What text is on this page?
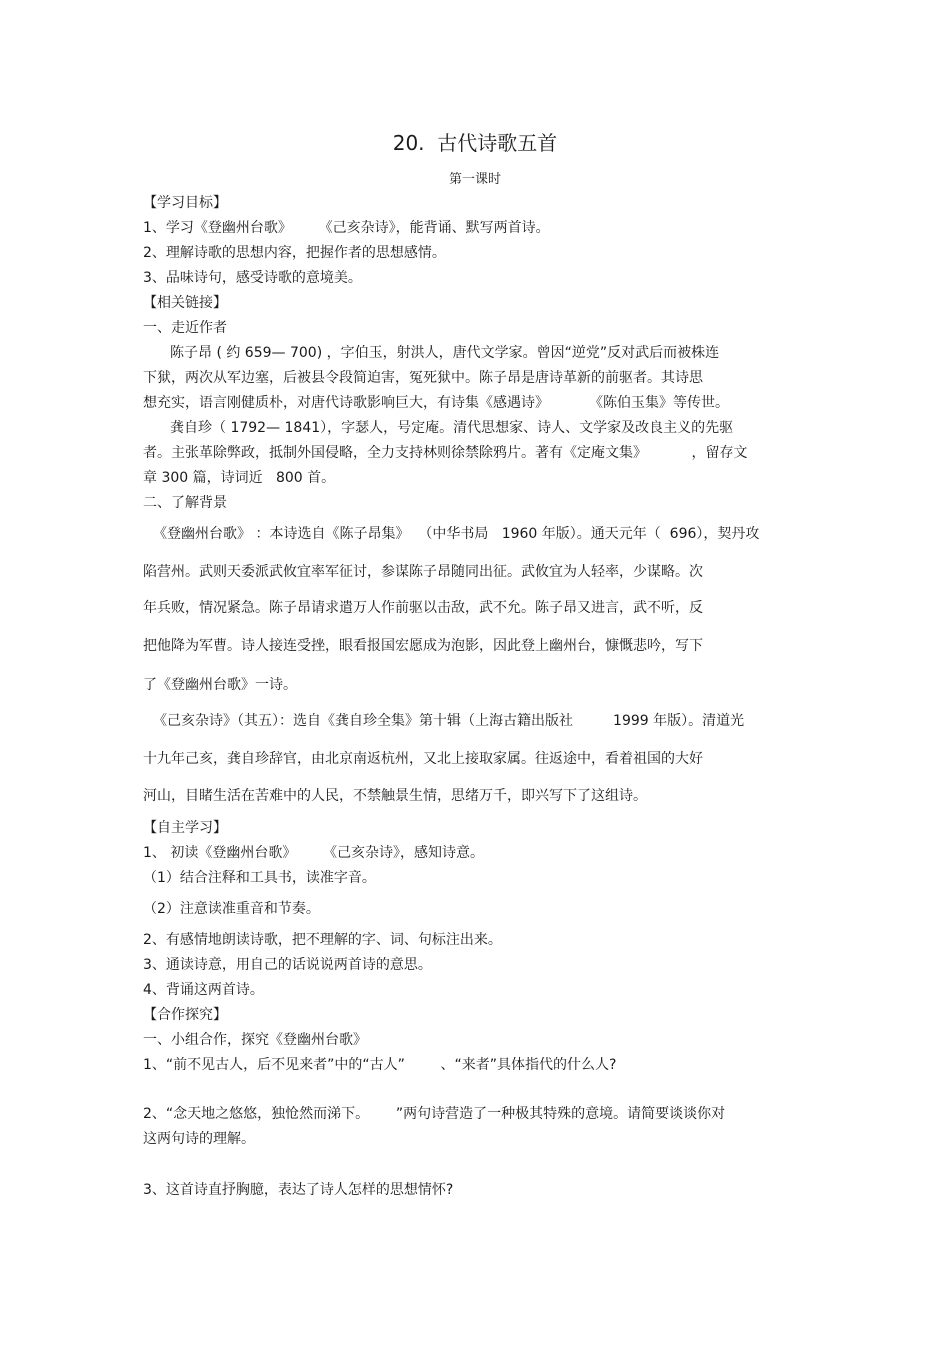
20.  古代诗歌五首
第一课时
【学习目标】
1、学习《登幽州台歌》      《己亥杂诗》，能背诵、默写两首诗。
2、理解诗歌的思想内容，把握作者的思想感情。
3、品味诗句，感受诗歌的意境美。
【相关链接】
一、走近作者
陈子昂 ( 约 659— 700) ，字伯玉，射洪人，唐代文学家。曾因“逆党”反对武后而被株连
下狱，两次从军边塞，后被县令段简迫害，冤死狱中。陈子昂是唐诗革新的前驱者。其诗思
想充实，语言刚健质朴，对唐代诗歌影响巨大，有诗集《感遇诗》         《陈伯玉集》等传世。
龚自珍（ 1792— 1841），字瑟人，号定庵。清代思想家、诗人、文学家及改良主义的先驱
者。主张革除弊政，抵制外国侵略，全力支持林则徐禁除鸦片。著有《定庵文集》          ，留存文
章 300 篇，诗词近   800 首。
二、了解背景
《登幽州台歌》 ：本诗选自《陈子昂集》  （中华书局   1960 年版）。通天元年（  696），契丹攻
陷营州。武则天委派武攸宜率军征讨，参谋陈子昂随同出征。武攸宜为人轻率，少谋略。次
年兵败，情况紧急。陈子昂请求遣万人作前驱以击敌，武不允。陈子昂又进言，武不听，反
把他降为军曹。诗人接连受挫，眼看报国宏愿成为泡影，因此登上幽州台，慷慨悲吟，写下
了《登幽州台歌》一诗。
《己亥杂诗》（其五）：选自《龚自珍全集》第十辑（上海古籍出版社         1999 年版）。清道光
十九年己亥，龚自珍辞官，由北京南返杭州，又北上接取家属。往返途中，看着祖国的大好
河山，目睹生活在苦难中的人民，不禁触景生情，思绪万千，即兴写下了这组诗。
【自主学习】
1、 初读《登幽州台歌》      《己亥杂诗》，感知诗意。
（1）结合注释和工具书，读准字音。
（2）注意读准重音和节奏。
2、有感情地朗读诗歌，把不理解的字、词、句标注出来。
3、通读诗意，用自己的话说说两首诗的意思。
4、背诵这两首诗。
【合作探究】
一、小组合作，探究《登幽州台歌》
1、“前不见古人，后不见来者”中的“古人”        、“来者”具体指代的什么人?
2、“念天地之悠悠，独怆然而涕下。      ”两句诗营造了一种极其特殊的意境。请简要谈谈你对
这两句诗的理解。
3、这首诗直抒胸臆，表达了诗人怎样的思想情怀?
